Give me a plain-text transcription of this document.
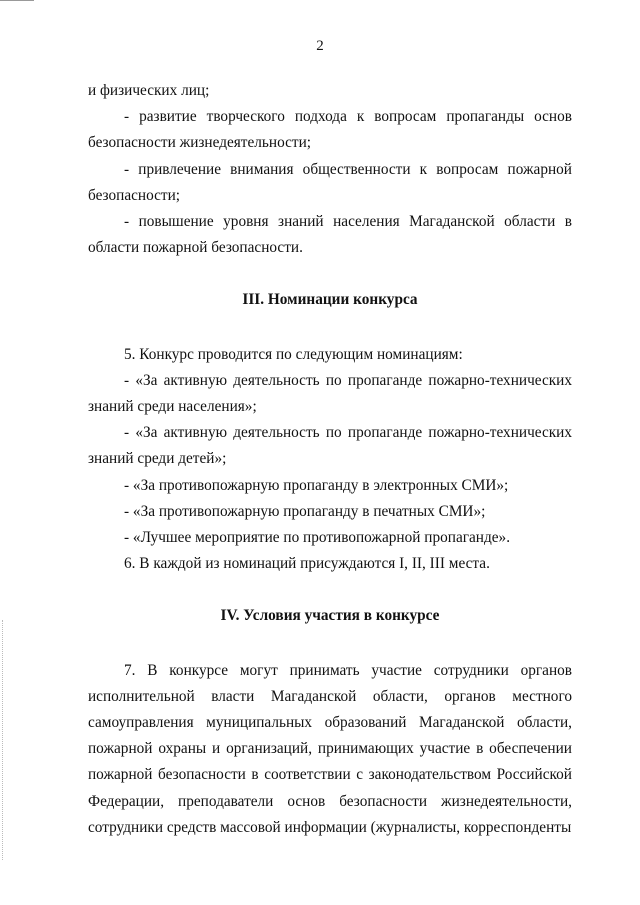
2

и физических лиц;

- развитие творческого подхода к вопросам пропаганды основ безопасности жизнедеятельности;

- привлечение внимания общественности к вопросам пожарной безопасности;

- повышение уровня знаний населения Магаданской области в области пожарной безопасности.

III. Номинации конкурса

5. Конкурс проводится по следующим номинациям:

- «За активную деятельность по пропаганде пожарно-технических знаний среди населения»;

- «За активную деятельность по пропаганде пожарно-технических знаний среди детей»;

- «За противопожарную пропаганду в электронных СМИ»;

- «За противопожарную пропаганду в печатных СМИ»;

- «Лучшее мероприятие по противопожарной пропаганде».

6. В каждой из номинаций присуждаются I, II, III места.

IV. Условия участия в конкурсе

7. В конкурсе могут принимать участие сотрудники органов исполнительной власти Магаданской области, органов местного самоуправления муниципальных образований Магаданской области, пожарной охраны и организаций, принимающих участие в обеспечении пожарной безопасности в соответствии с законодательством Российской Федерации, преподаватели основ безопасности жизнедеятельности, сотрудники средств массовой информации (журналисты, корреспонденты
